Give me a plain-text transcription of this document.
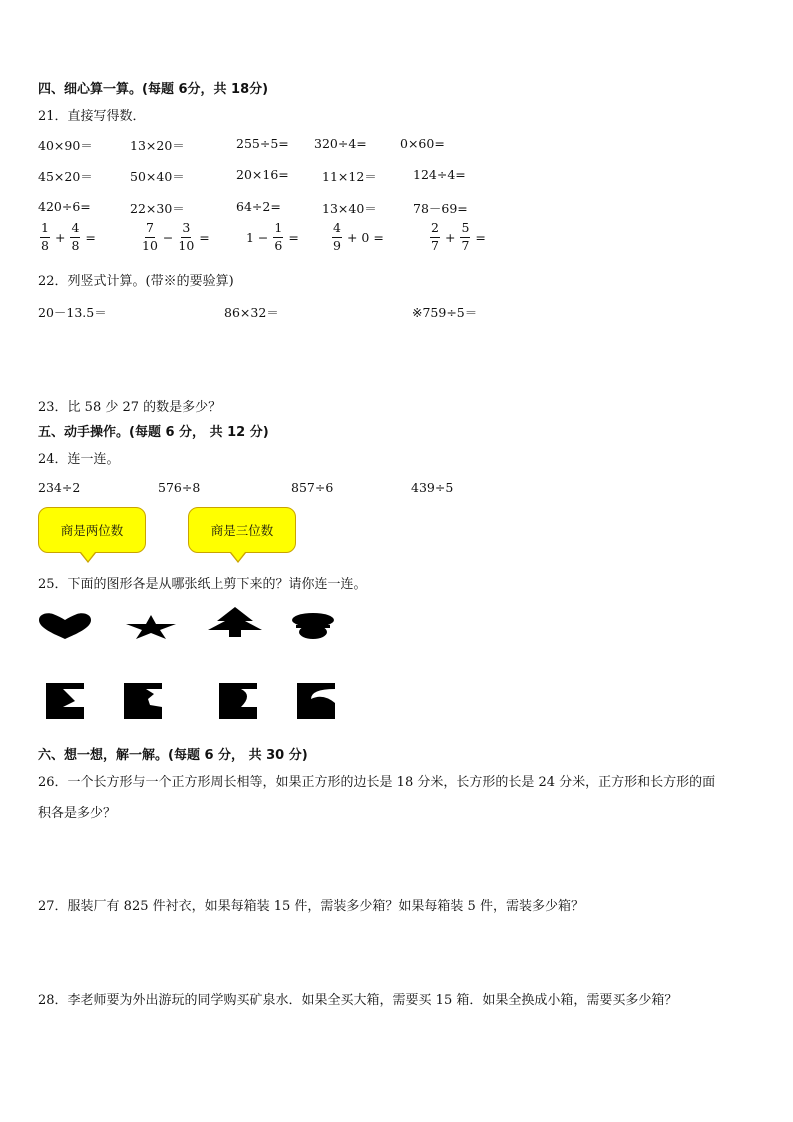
四、细心算一算。(每题 6分，共 18分)
21．直接写得数．
40×90＝	13×20＝	255÷5= 320÷4=	0×60=
45×20＝	50×40＝	20×16=	11×12＝	124÷4=
420÷6=	22×30＝	64÷2=	13×40＝	78－69=
$\frac{1}{8} + \frac{4}{8}$ =	$\frac{7}{10} - \frac{3}{10}$ =	$1 - \frac{1}{6}$ =	$\frac{4}{9} + 0$ =	$\frac{2}{7} + \frac{5}{7}$ =
22．列竖式计算。(带※的要验算)
20－13.5＝	86×32＝	※759÷5＝
23．比 58 少 27 的数是多少？
五、动手操作。(每题 6 分， 共 12 分)
24．连一连。
234÷2	576÷8	857÷6	439÷5
商是两位数	商是三位数
25．下面的图形各是从哪张纸上剪下来的？请你连一连。
六、想一想，解一解。(每题 6 分， 共 30 分)
26．一个长方形与一个正方形周长相等，如果正方形的边长是 18 分米，长方形的长是 24 分米，正方形和长方形的面
积各是多少？
27．服装厂有 825 件衬衣，如果每箱装 15 件，需装多少箱？如果每箱装 5 件，需装多少箱？
28．李老师要为外出游玩的同学购买矿泉水．如果全买大箱，需要买 15 箱．如果全换成小箱，需要买多少箱？
